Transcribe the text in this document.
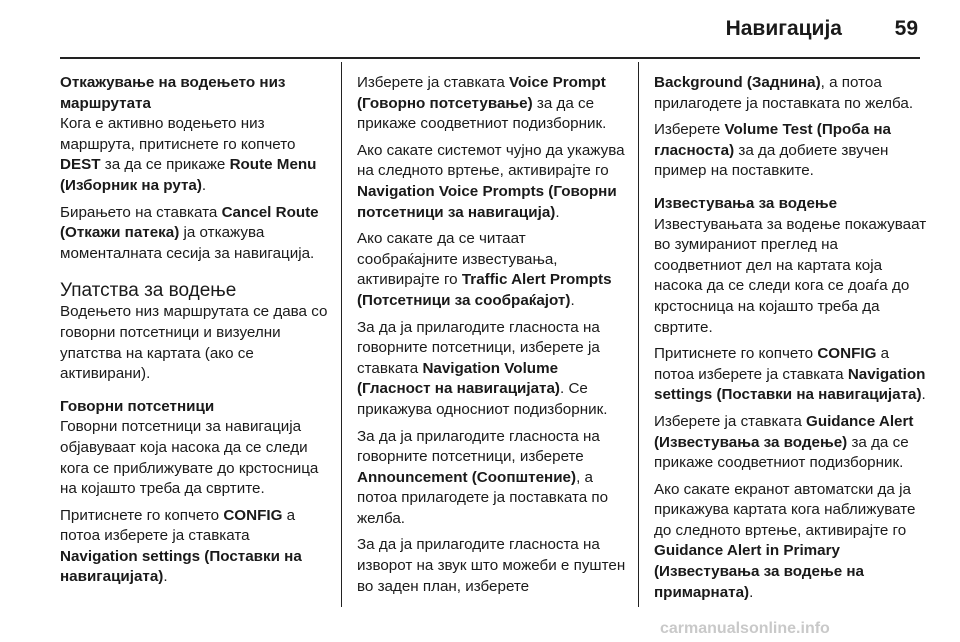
Навигација	59
Откажување на водењето низ маршрутата

Кога е активно водењето низ маршрута, притиснете го копчето DEST за да се прикаже Route Menu (Изборник на рута).

Бирањето на ставката Cancel Route (Откажи патека) ја откажува моменталната сесија за навигација.

Упатства за водење

Водењето низ маршрутата се дава со говорни потсетници и визуелни упатства на картата (ако се активирани).

Говорни потсетници

Говорни потсетници за навигација објавуваат која насока да се следи кога се приближувате до крстосница на којашто треба да свртите.

Притиснете го копчето CONFIG а потоа изберете ја ставката Navigation settings (Поставки на навигацијата).

Изберете ја ставката Voice Prompt (Говорно потсетување) за да се прикаже соодветниот подизборник.

Ако сакате системот чујно да укажува на следното вртење, активирајте го Navigation Voice Prompts (Говорни потсетници за навигација).

Ако сакате да се читаат сообраќајните известувања, активирајте го Traffic Alert Prompts (Потсетници за сообраќајот).

За да ја прилагодите гласноста на говорните потсетници, изберете ја ставката Navigation Volume (Гласност на навигацијата). Се прикажува односниот подизборник.

За да ја прилагодите гласноста на говорните потсетници, изберете Announcement (Соопштение), а потоа прилагодете ја поставката по желба.

За да ја прилагодите гласноста на изворот на звук што можеби е пуштен во заден план, изберете

Background (Заднина), а потоа прилагодете ја поставката по желба.

Изберете Volume Test (Проба на гласноста) за да добиете звучен пример на поставките.

Известувања за водење

Известувањата за водење покажуваат во зумираниот преглед на соодветниот дел на картата која насока да се следи кога се доаѓа до крстосница на којашто треба да свртите.

Притиснете го копчето CONFIG а потоа изберете ја ставката Navigation settings (Поставки на навигацијата).

Изберете ја ставката Guidance Alert (Известувања за водење) за да се прикаже соодветниот подизборник.

Ако сакате екранот автоматски да ја прикажува картата кога наближувате до следното вртење, активирајте го Guidance Alert in Primary (Известувања за водење на примарната).

carmanualsonline.info
